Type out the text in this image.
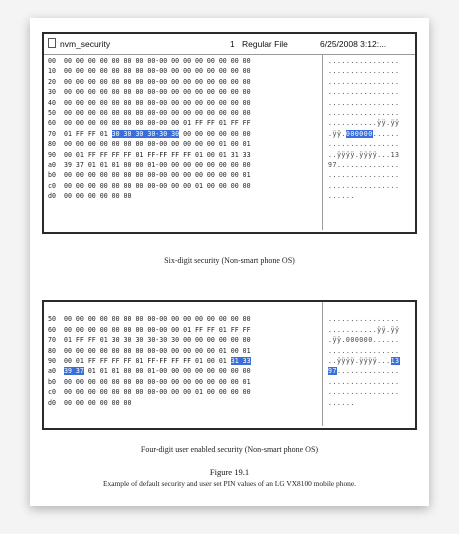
nvm_security	1 Regular File	6/25/2008 3:12:...
00 00 00 00 00 00 00 00 00-00 00 00 00 00 00 00 00	................
10 00 00 00 00 00 00 00 00-00 00 00 00 00 00 00 00	................
20 00 00 00 00 00 00 00 00-00 00 00 00 00 00 00 00	................
30 00 00 00 00 00 00 00 00-00 00 00 00 00 00 00 00	................
40 00 00 00 00 00 00 00 00-00 00 00 00 00 00 00 00	................
50 00 00 00 00 00 00 00 00-00 00 00 00 00 00 00 00	................
60 00 00 00 00 00 00 00 00-00 00 01 FF FF 01 FF FF	...........ÿÿ.ÿÿ
70 01 FF FF 01 30 30 30 30-30 30 00 00 00 00 00 00	.ÿÿ.000000......
80 00 00 00 00 00 00 00 00-00 00 00 00 00 01 00 01	................
90 00 01 FF FF FF FF 01 FF-FF FF FF 01 00 01 31 33	..ÿÿÿÿ.ÿÿÿÿ...13
a0 39 37 01 01 01 00 00 01-00 00 00 00 00 00 00 00	97..............
b0 00 00 00 00 00 00 00 00-00 00 00 00 00 00 00 01	................
c0 00 00 00 00 00 00 00 00-00 00 00 01 00 00 00 00	................
d0 00 00 00 00 00 00	......
Six-digit security (Non-smart phone OS)
50 00 00 00 00 00 00 00 00-00 00 00 00 00 00 00 00	................
60 00 00 00 00 00 00 00 00-00 00 01 FF FF 01 FF FF	...........ÿÿ.ÿÿ
70 01 FF FF 01 30 30 30 30-30 30 00 00 00 00 00 00	.ÿÿ.000000......
80 00 00 00 00 00 00 00 00-00 00 00 00 00 01 00 01	................
90 00 01 FF FF FF FF 01 FF-FF FF FF 01 00 01 31 33	..ÿÿÿÿ.ÿÿÿÿ...13
a0 39 37 01 01 01 00 00 01-00 00 00 00 00 00 00 00	97..............
b0 00 00 00 00 00 00 00 00-00 00 00 00 00 00 00 01	................
c0 00 00 00 00 00 00 00 00-00 00 00 01 00 00 00 00	................
d0 00 00 00 00 00 00	......
Four-digit user enabled security (Non-smart phone OS)
Figure 19.1
Example of default security and user set PIN values of an LG VX8100 mobile phone.
